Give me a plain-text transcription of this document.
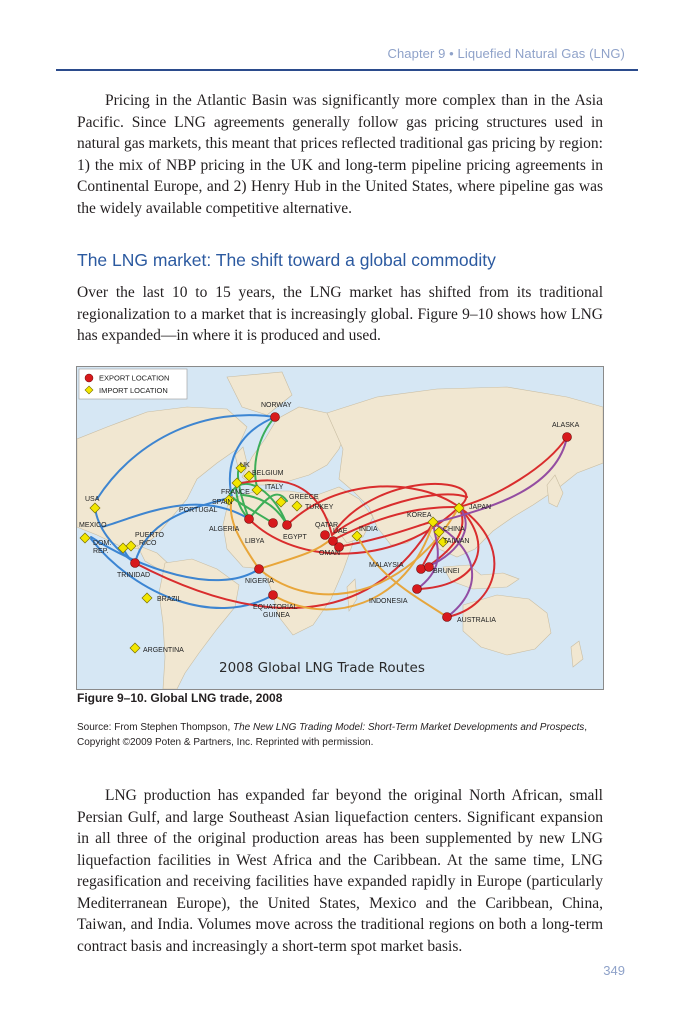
Chapter 9 • Liquefied Natural Gas (LNG)

Pricing in the Atlantic Basin was significantly more complex than in the Asia Pacific. Since LNG agreements generally follow gas pricing structures used in natural gas markets, this meant that prices reflected traditional gas pricing by region: 1) the mix of NBP pricing in the UK and long-term pipeline pricing agreements in Continental Europe, and 2) Henry Hub in the United States, where pipeline gas was the widely available competitive alternative.

The LNG market: The shift toward a global commodity

Over the last 10 to 15 years, the LNG market has shifted from its traditional regionalization to a market that is increasingly global. Figure 9–10 shows how LNG has expanded—in where it is produced and used.

EXPORT LOCATION
IMPORT LOCATION
NORWAY
ALASKA
UK
BELGIUM
FRANCE
ITALY
SPAIN
GREECE
PORTUGAL	TURKEY
USA
JAPAN
KOREA
MEXICO
ALGERIA
QATAR
UAE INDIA	CHINA
PUERTO
RICO
EGYPT
LIBYA
OMAN
TAIWAN
DOM.
REP.
MALAYSIA
BRUNEI
TRINIDAD
NIGERIA
BRAZIL	INDONESIA
EQUATORIAL
GUINEA
AUSTRALIA
ARGENTINA
2008 Global LNG Trade Routes
Figure 9–10. Global LNG trade, 2008
Source: From Stephen Thompson, The New LNG Trading Model: Short-Term Market Developments and Prospects, Copyright ©2009 Poten & Partners, Inc. Reprinted with permission.

LNG production has expanded far beyond the original North African, small Persian Gulf, and large Southeast Asian liquefaction centers. Significant expansion in all three of the original production areas has been supplemented by new LNG liquefaction facilities in West Africa and the Caribbean. At the same time, LNG regasification and receiving facilities have expanded rapidly in Europe (particularly Mediterranean Europe), the United States, Mexico and the Caribbean, China, Taiwan, and India. Volumes move across the traditional regions on both a long-term contract basis and increasingly a short-term spot market basis.

349
